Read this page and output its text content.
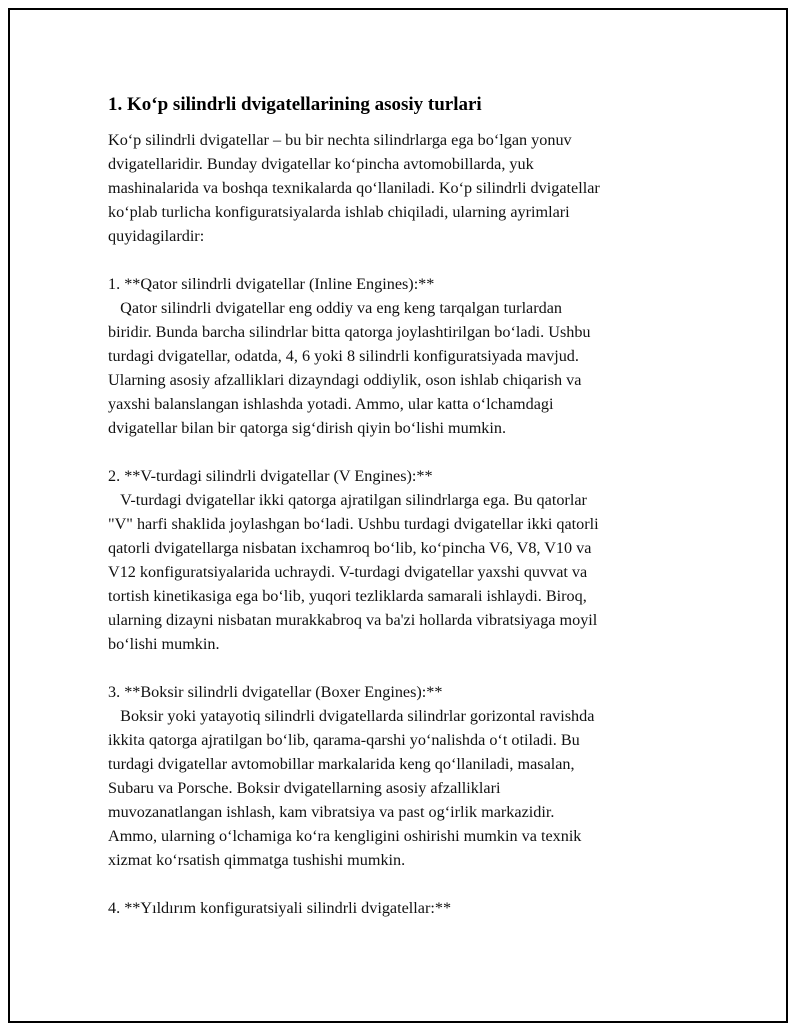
1. Ko‘p silindrli dvigatellarining asosiy turlari
Ko‘p silindrli dvigatellar – bu bir nechta silindrlarga ega bo‘lgan yonuv
dvigatellaridir. Bunday dvigatellar ko‘pincha avtomobillarda, yuk
mashinalarida va boshqa texnikalarda qo‘llaniladi. Ko‘p silindrli dvigatellar
ko‘plab turlicha konfiguratsiyalarda ishlab chiqiladi, ularning ayrimlari
quyidagilardir:
1. **Qator silindrli dvigatellar (Inline Engines):**
Qator silindrli dvigatellar eng oddiy va eng keng tarqalgan turlardan
biridir. Bunda barcha silindrlar bitta qatorga joylashtirilgan bo‘ladi. Ushbu
turdagi dvigatellar, odatda, 4, 6 yoki 8 silindrli konfiguratsiyada mavjud.
Ularning asosiy afzalliklari dizayndagi oddiylik, oson ishlab chiqarish va
yaxshi balanslangan ishlashda yotadi. Ammo, ular katta o‘lchamdagi
dvigatellar bilan bir qatorga sig‘dirish qiyin bo‘lishi mumkin.
2. **V-turdagi silindrli dvigatellar (V Engines):**
V-turdagi dvigatellar ikki qatorga ajratilgan silindrlarga ega. Bu qatorlar
"V" harfi shaklida joylashgan bo‘ladi. Ushbu turdagi dvigatellar ikki qatorli
qatorli dvigatellarga nisbatan ixchamroq bo‘lib, ko‘pincha V6, V8, V10 va
V12 konfiguratsiyalarida uchraydi. V-turdagi dvigatellar yaxshi quvvat va
tortish kinetikasiga ega bo‘lib, yuqori tezliklarda samarali ishlaydi. Biroq,
ularning dizayni nisbatan murakkabroq va ba'zi hollarda vibratsiyaga moyil
bo‘lishi mumkin.
3. **Boksir silindrli dvigatellar (Boxer Engines):**
Boksir yoki yatayotiq silindrli dvigatellarda silindrlar gorizontal ravishda
ikkita qatorga ajratilgan bo‘lib, qarama-qarshi yo‘nalishda o‘t otiladi. Bu
turdagi dvigatellar avtomobillar markalarida keng qo‘llaniladi, masalan,
Subaru va Porsche. Boksir dvigatellarning asosiy afzalliklari
muvozanatlangan ishlash, kam vibratsiya va past og‘irlik markazidir.
Ammo, ularning o‘lchamiga ko‘ra kengligini oshirishi mumkin va texnik
xizmat ko‘rsatish qimmatga tushishi mumkin.
4. **Yıldırım konfiguratsiyali silindrli dvigatellar:**
